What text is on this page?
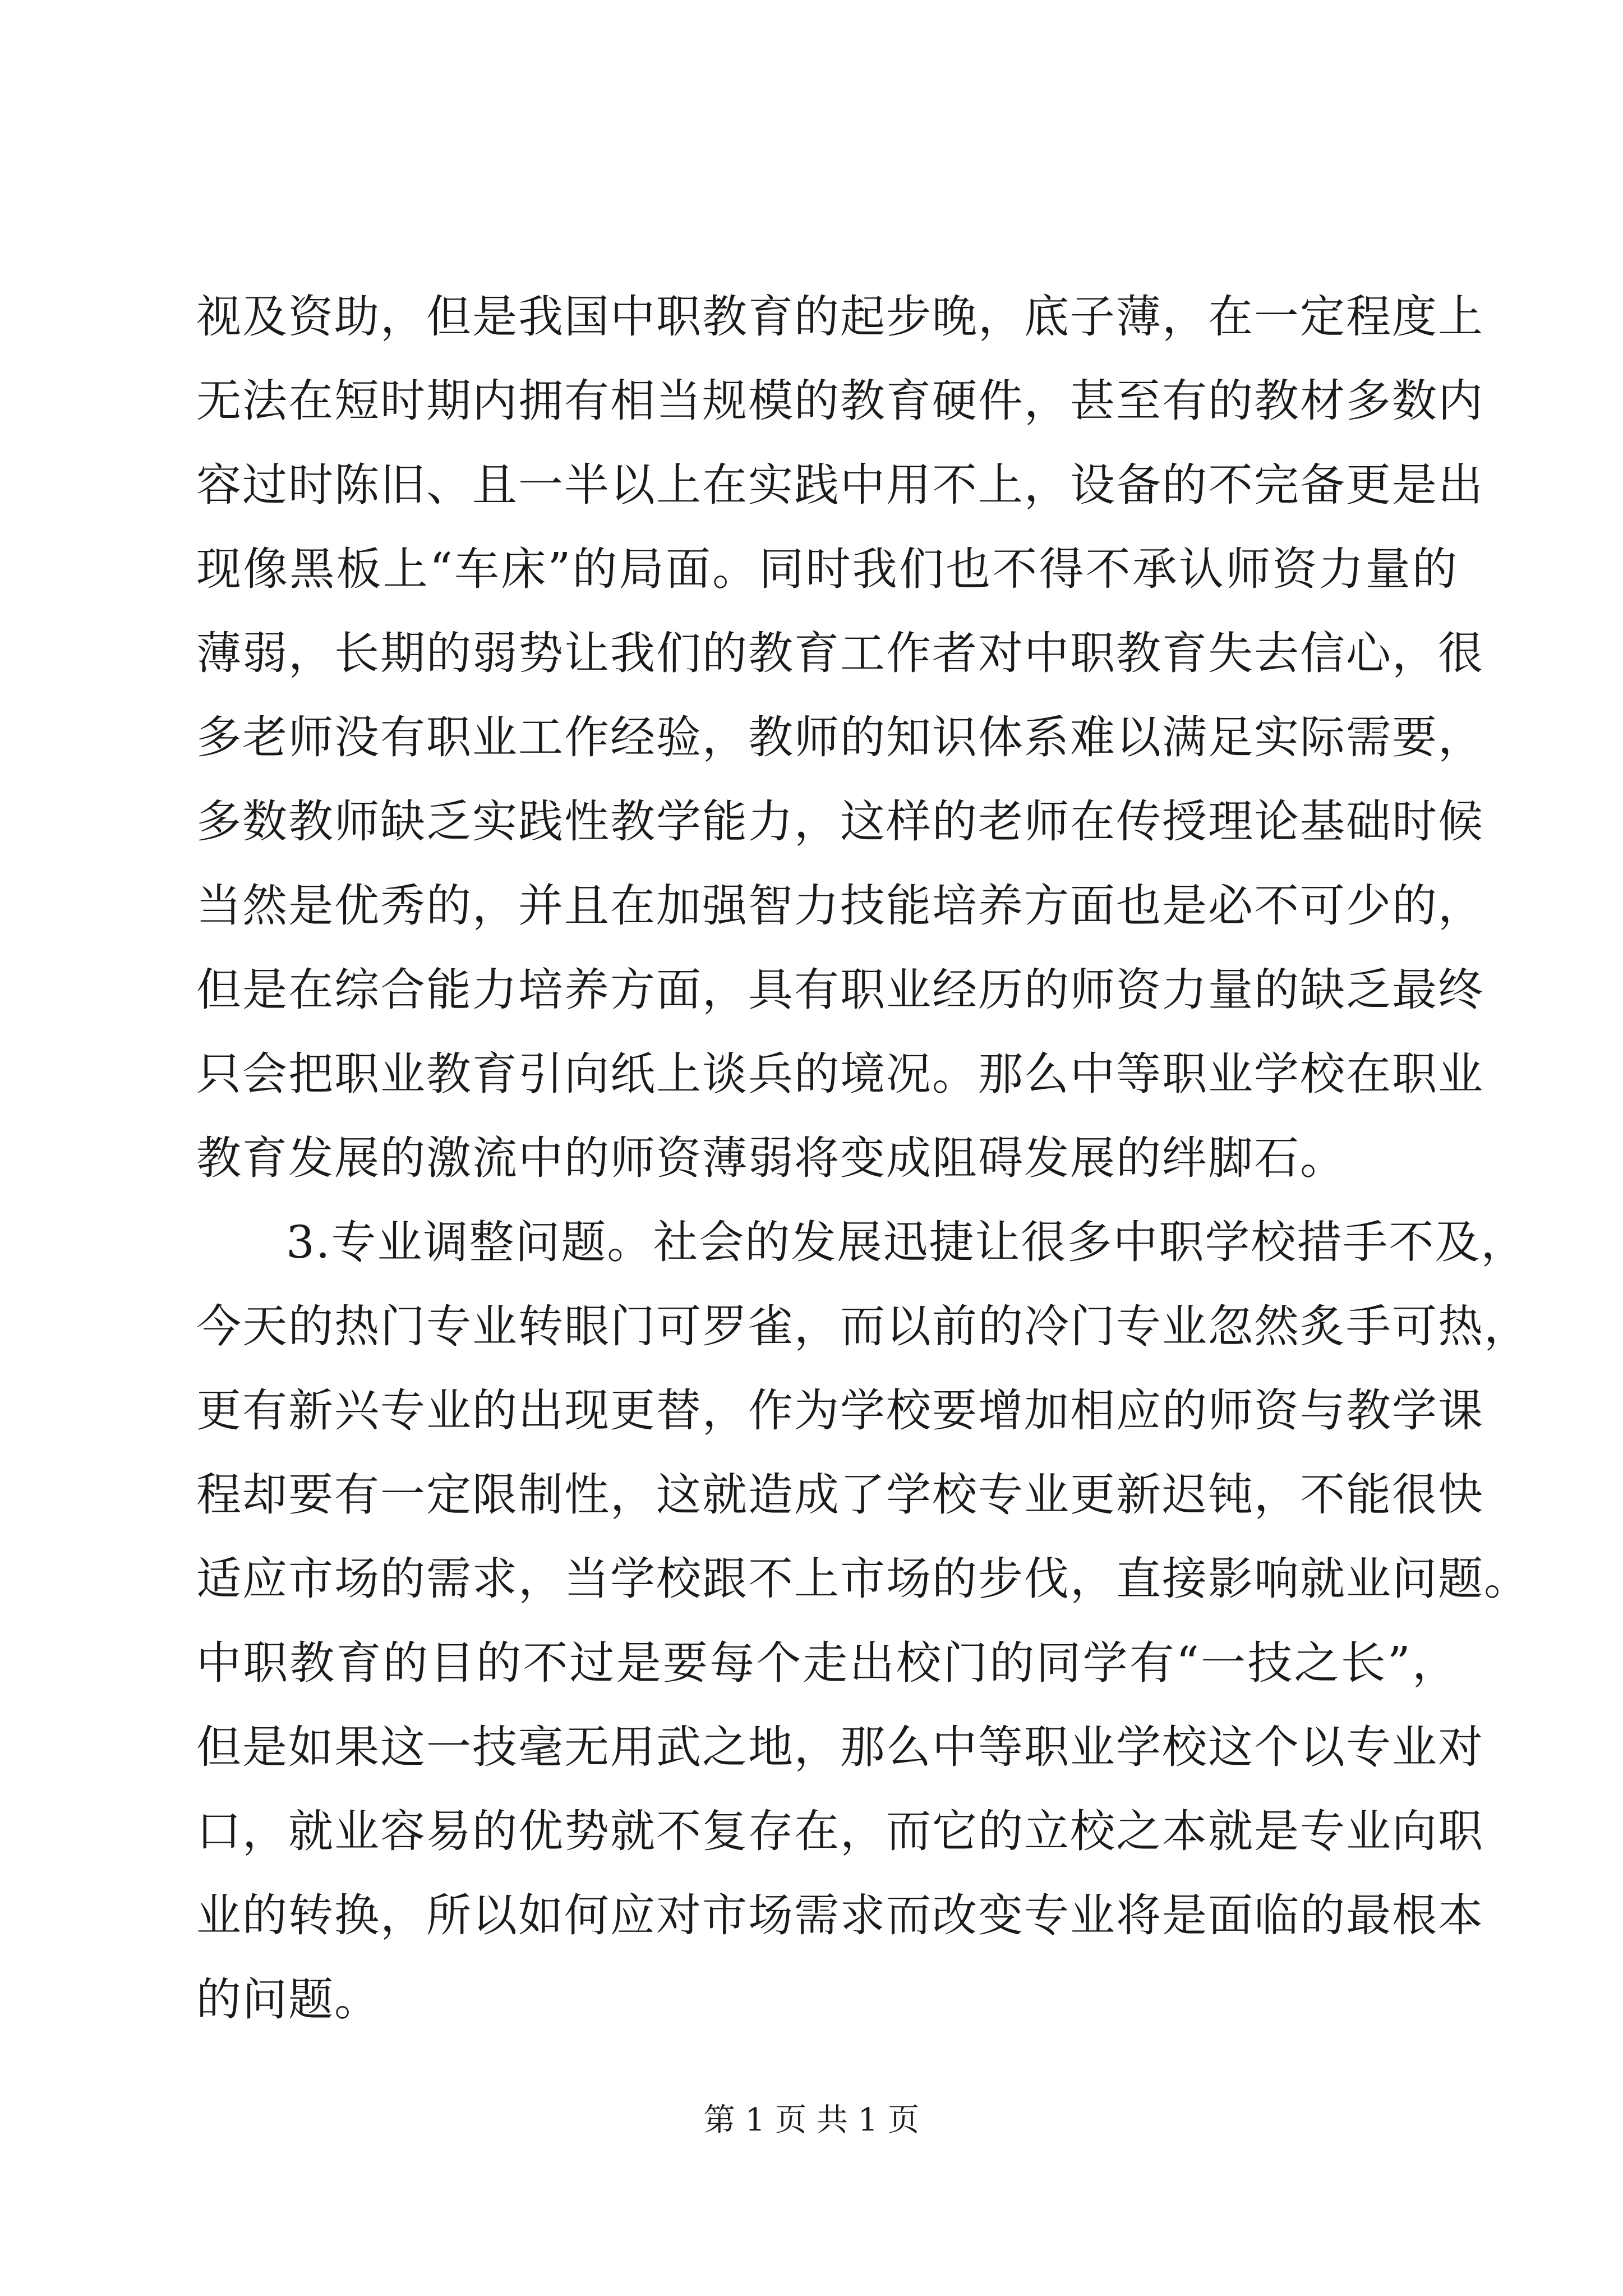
视及资助，但是我国中职教育的起步晚，底子薄，在一定程度上
无法在短时期内拥有相当规模的教育硬件，甚至有的教材多数内
容过时陈旧、且一半以上在实践中用不上，设备的不完备更是出
现像黑板上“车床”的局面。同时我们也不得不承认师资力量的
薄弱，长期的弱势让我们的教育工作者对中职教育失去信心，很
多老师没有职业工作经验，教师的知识体系难以满足实际需要，
多数教师缺乏实践性教学能力，这样的老师在传授理论基础时候
当然是优秀的，并且在加强智力技能培养方面也是必不可少的，
但是在综合能力培养方面，具有职业经历的师资力量的缺乏最终
只会把职业教育引向纸上谈兵的境况。那么中等职业学校在职业
教育发展的激流中的师资薄弱将变成阻碍发展的绊脚石。
3.专业调整问题。社会的发展迅捷让很多中职学校措手不及，
今天的热门专业转眼门可罗雀，而以前的冷门专业忽然炙手可热，
更有新兴专业的出现更替，作为学校要增加相应的师资与教学课
程却要有一定限制性，这就造成了学校专业更新迟钝，不能很快
适应市场的需求，当学校跟不上市场的步伐，直接影响就业问题。
中职教育的目的不过是要每个走出校门的同学有“一技之长”，
但是如果这一技毫无用武之地，那么中等职业学校这个以专业对
口，就业容易的优势就不复存在，而它的立校之本就是专业向职
业的转换，所以如何应对市场需求而改变专业将是面临的最根本
的问题。
第 1 页 共 1 页
